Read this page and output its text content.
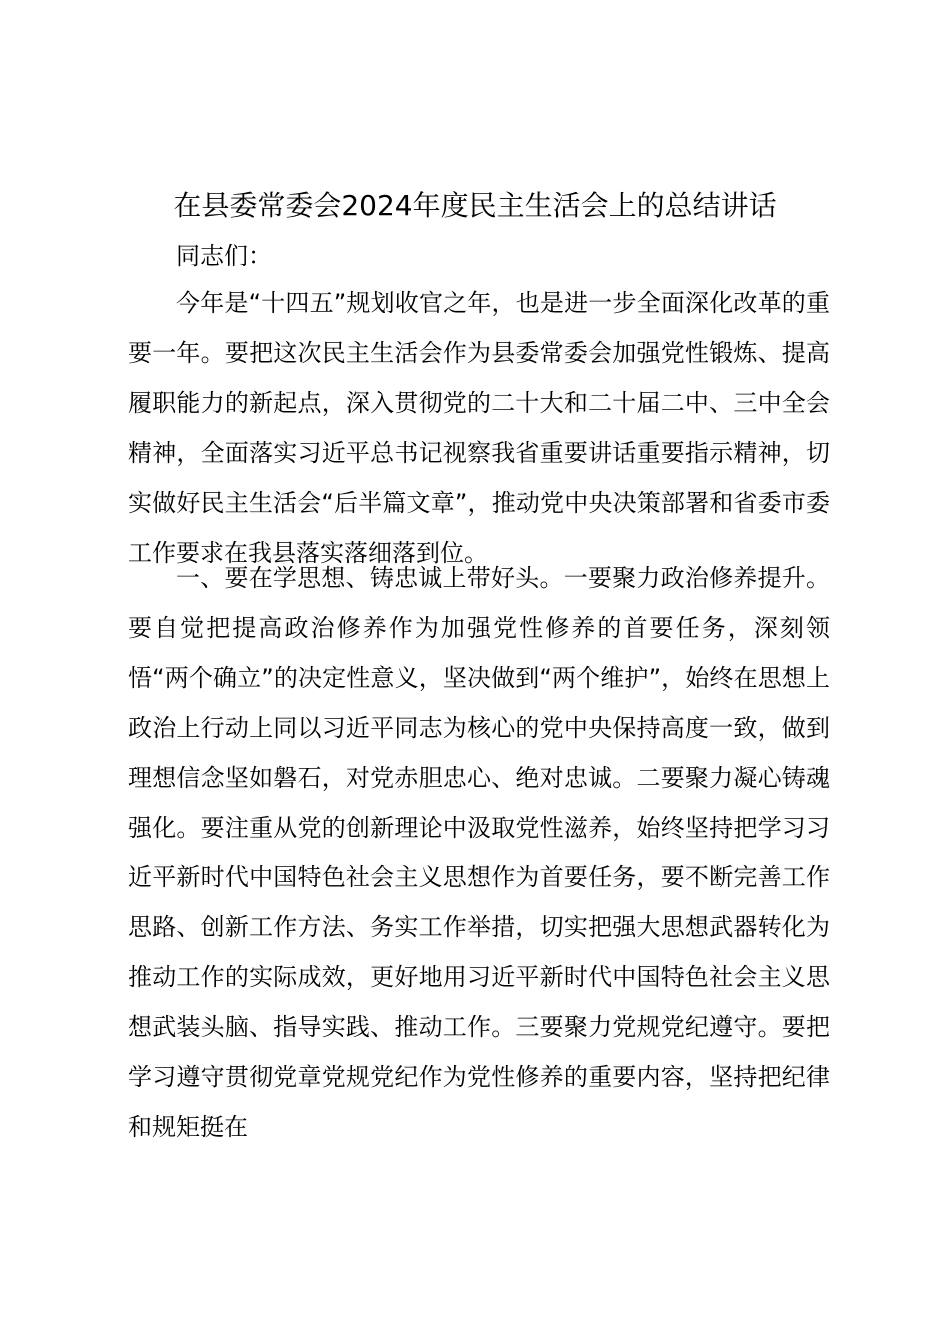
在县委常委会2024年度民主生活会上的总结讲话
同志们：

今年是“十四五”规划收官之年，也是进一步全面深化改革的重要一年。要把这次民主生活会作为县委常委会加强党性锻炼、提高履职能力的新起点，深入贯彻党的二十大和二十届二中、三中全会精神，全面落实习近平总书记视察我省重要讲话重要指示精神，切实做好民主生活会“后半篇文章”，推动党中央决策部署和省委市委工作要求在我县落实落细落到位。

一、要在学思想、铸忠诚上带好头。一要聚力政治修养提升。要自觉把提高政治修养作为加强党性修养的首要任务，深刻领悟“两个确立”的决定性意义，坚决做到“两个维护”，始终在思想上政治上行动上同以习近平同志为核心的党中央保持高度一致，做到理想信念坚如磐石，对党赤胆忠心、绝对忠诚。二要聚力凝心铸魂强化。要注重从党的创新理论中汲取党性滋养，始终坚持把学习习近平新时代中国特色社会主义思想作为首要任务，要不断完善工作思路、创新工作方法、务实工作举措，切实把强大思想武器转化为推动工作的实际成效，更好地用习近平新时代中国特色社会主义思想武装头脑、指导实践、推动工作。三要聚力党规党纪遵守。要把学习遵守贯彻党章党规党纪作为党性修养的重要内容，坚持把纪律和规矩挺在
